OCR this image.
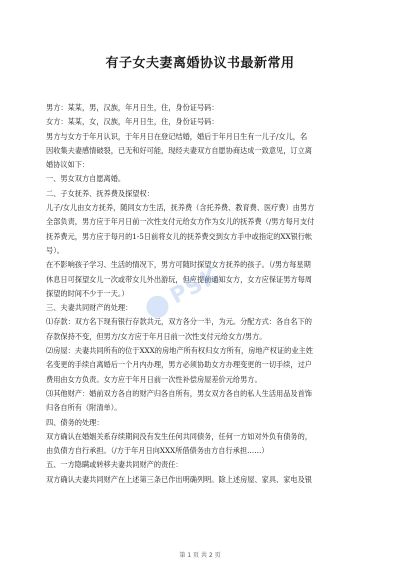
有子女夫妻离婚协议书最新常用

男方：某某，男，汉族，年月日生，住，身份证号码：

女方：某某，女，汉族，年月日生，住，身份证号码：

男方与女方于年月认识，于年月日在登记结婚，婚后于年月日生有一儿子/女儿，名

因收集夫妻感情破裂，已无和好可能，现经夫妻双方自愿协商达成一致意见，订立离

婚协议如下：

一、男女双方自愿离婚。

二、子女抚养、抚养费及探望权：

儿子/女儿由女方抚养，随同女方生活，抚养费（含托养费、教育费、医疗费）由男方

全部负责，男方应于年月日前一次性支付元给女方作为女儿的抚养费（/男方每月支付

抚养费元，男方应于每月的1-5日前将女儿的抚养费交到女方手中或指定的XX银行帐

号）。

在不影响孩子学习、生活的情况下，男方可随时探望女方抚养的孩子。（/男方每星期

休息日可探望女儿一次或带女儿外出游玩，但应提前通知女方，女方应保证男方每周

探望的时间不少于一天。）

三、夫妻共同财产的处理：

⑴存款：双方名下现有银行存款共元，双方各分一半，为元。分配方式：各自名下的

存款保持不变，但男方/女方应于年月日前一次性支付元给女方/男方。

⑵房屋：夫妻共同所有的位于XXX的房地产所有权归女方所有，房地产权证的业主姓

名变更的手续自离婚后一个月内办理，男方必须协助女方办理变更的一切手续，过户

费用由女方负责。女方应于年月日前一次性补偿房屋差价元给男方。

⑶其他财产：婚前双方各自的财产归各自所有，男女双方各自的私人生活用品及首饰

归各自所有（附清单）。

四、债务的处理：

双方确认在婚姻关系存续期间没有发生任何共同债务，任何一方如对外负有债务的，

由负债方自行承担。（/方于年月日向XXX所借债务由方自行承担……）

五、一方隐瞒或转移夫妻共同财产的责任：

双方确认夫妻共同财产在上述第三条已作出明确列明。除上述房屋、家具、家电及银

PSK
第 1 页 共 2 页
